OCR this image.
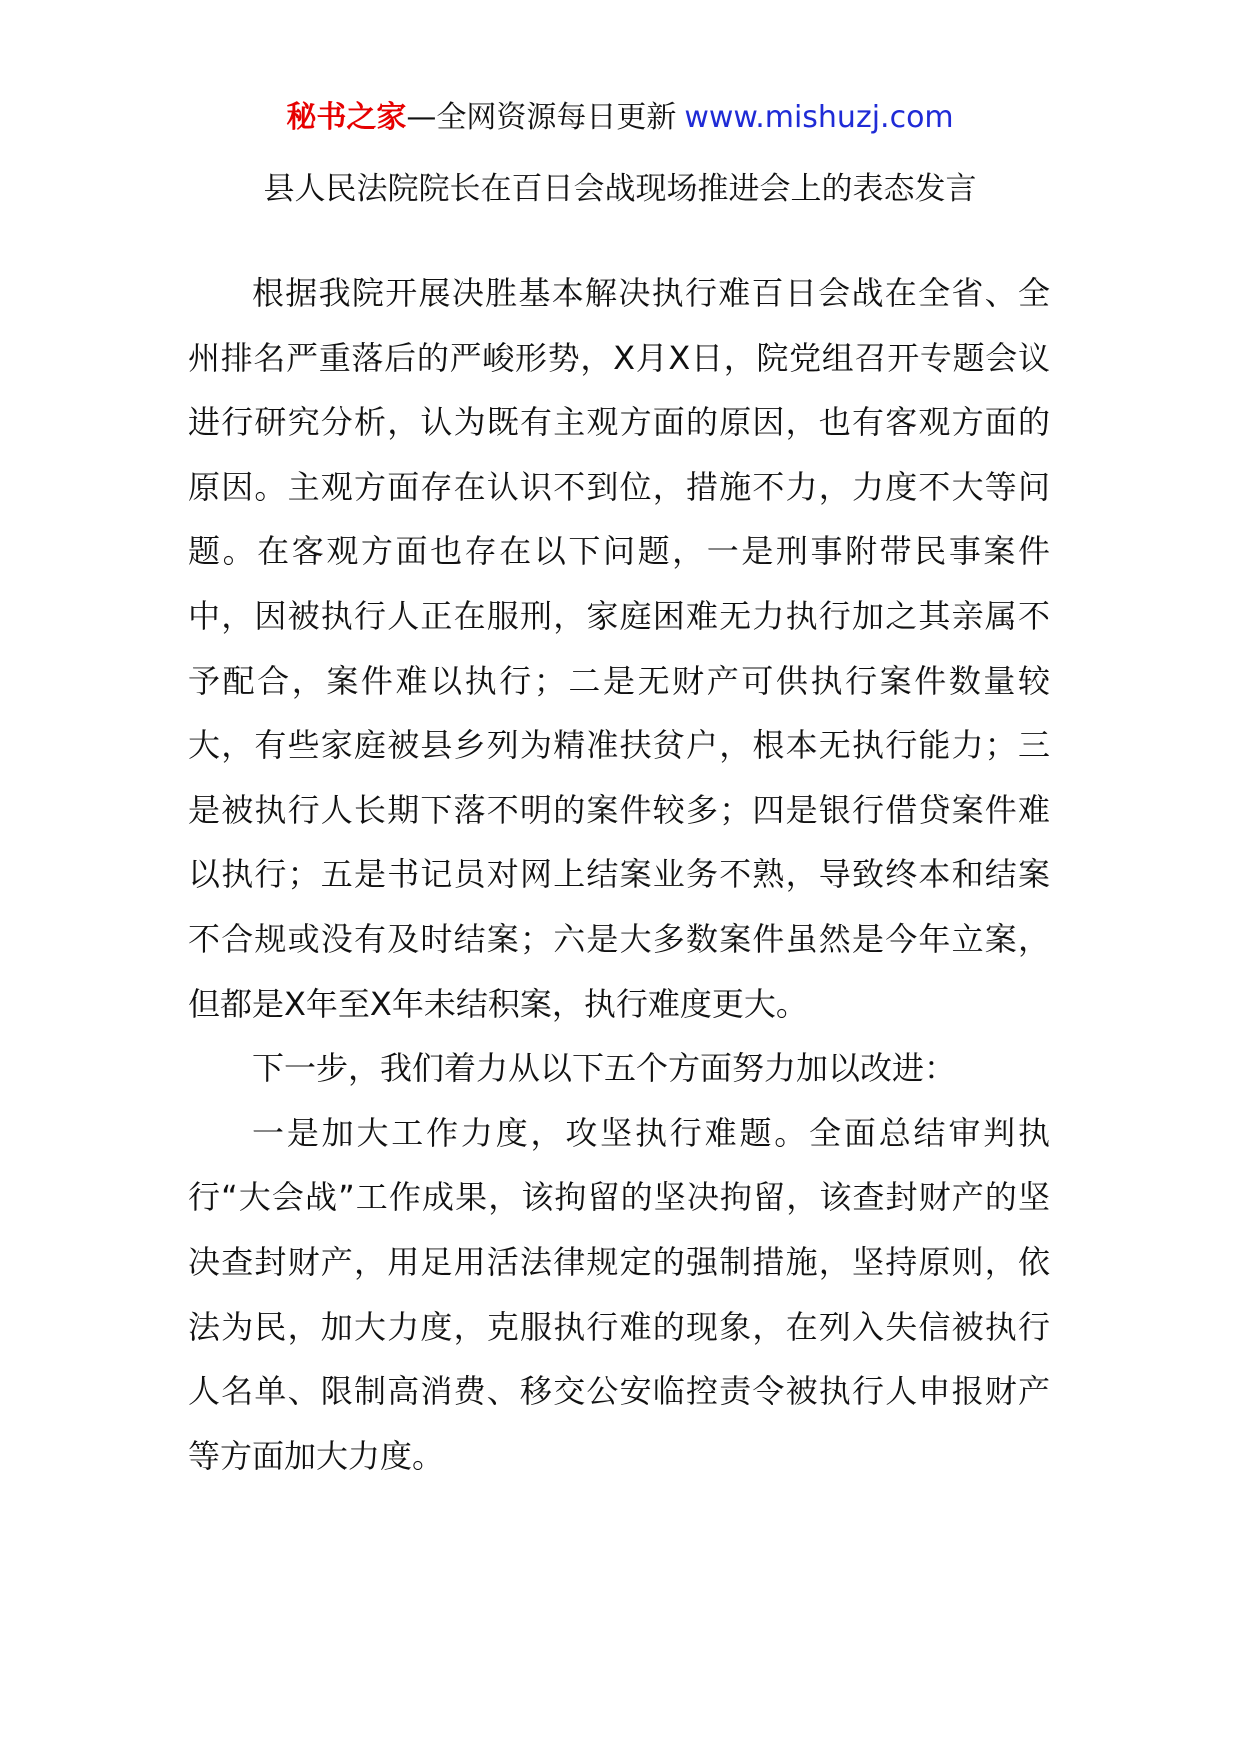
秘书之家—全网资源每日更新 www.mishuzj.com
县人民法院院长在百日会战现场推进会上的表态发言

根据我院开展决胜基本解决执行难百日会战在全省、全州排名严重落后的严峻形势，X月X日，院党组召开专题会议进行研究分析，认为既有主观方面的原因，也有客观方面的原因。主观方面存在认识不到位，措施不力，力度不大等问题。在客观方面也存在以下问题，一是刑事附带民事案件中，因被执行人正在服刑，家庭困难无力执行加之其亲属不予配合，案件难以执行；二是无财产可供执行案件数量较大，有些家庭被县乡列为精准扶贫户，根本无执行能力；三是被执行人长期下落不明的案件较多；四是银行借贷案件难以执行；五是书记员对网上结案业务不熟，导致终本和结案不合规或没有及时结案；六是大多数案件虽然是今年立案，但都是X年至X年未结积案，执行难度更大。

下一步，我们着力从以下五个方面努力加以改进：

一是加大工作力度，攻坚执行难题。全面总结审判执行“大会战”工作成果，该拘留的坚决拘留，该查封财产的坚决查封财产，用足用活法律规定的强制措施，坚持原则，依法为民，加大力度，克服执行难的现象，在列入失信被执行人名单、限制高消费、移交公安临控责令被执行人申报财产等方面加大力度。
